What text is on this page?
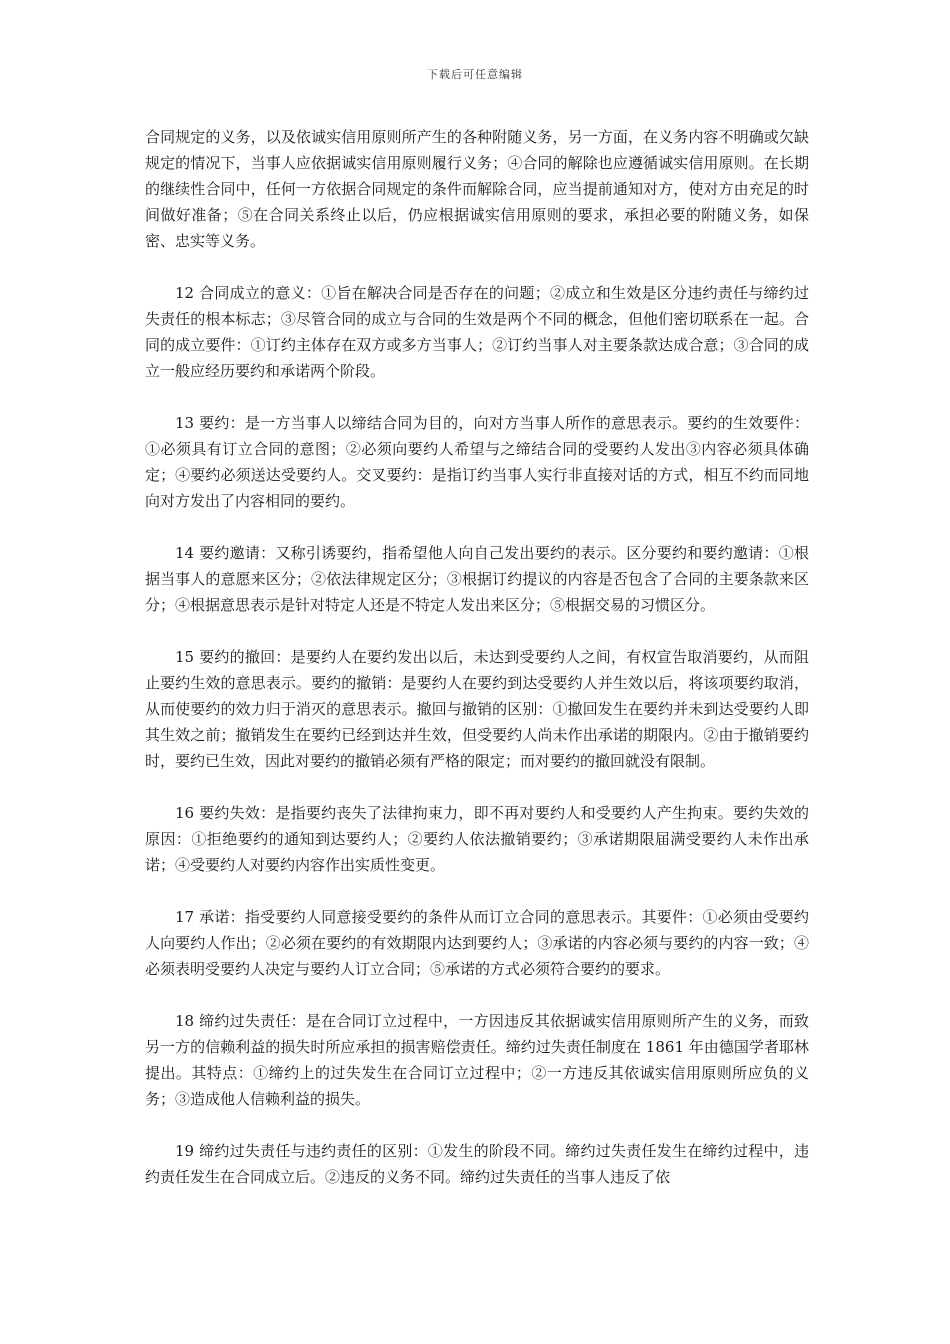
下载后可任意编辑

合同规定的义务，以及依诚实信用原则所产生的各种附随义务，另一方面，在义务内容不明确或欠缺规定的情况下，当事人应依据诚实信用原则履行义务；④合同的解除也应遵循诚实信用原则。在长期的继续性合同中，任何一方依据合同规定的条件而解除合同，应当提前通知对方，使对方由充足的时间做好准备；⑤在合同关系终止以后，仍应根据诚实信用原则的要求，承担必要的附随义务，如保密、忠实等义务。

12 合同成立的意义：①旨在解决合同是否存在的问题；②成立和生效是区分违约责任与缔约过失责任的根本标志；③尽管合同的成立与合同的生效是两个不同的概念，但他们密切联系在一起。合同的成立要件：①订约主体存在双方或多方当事人；②订约当事人对主要条款达成合意；③合同的成立一般应经历要约和承诺两个阶段。

13 要约：是一方当事人以缔结合同为目的，向对方当事人所作的意思表示。要约的生效要件：①必须具有订立合同的意图；②必须向要约人希望与之缔结合同的受要约人发出③内容必须具体确定；④要约必须送达受要约人。交叉要约：是指订约当事人实行非直接对话的方式，相互不约而同地向对方发出了内容相同的要约。

14 要约邀请：又称引诱要约，指希望他人向自己发出要约的表示。区分要约和要约邀请：①根据当事人的意愿来区分；②依法律规定区分；③根据订约提议的内容是否包含了合同的主要条款来区分；④根据意思表示是针对特定人还是不特定人发出来区分；⑤根据交易的习惯区分。

15 要约的撤回：是要约人在要约发出以后，未达到受要约人之间，有权宣告取消要约，从而阻止要约生效的意思表示。要约的撤销：是要约人在要约到达受要约人并生效以后，将该项要约取消，从而使要约的效力归于消灭的意思表示。撤回与撤销的区别：①撤回发生在要约并未到达受要约人即其生效之前；撤销发生在要约已经到达并生效，但受要约人尚未作出承诺的期限内。②由于撤销要约时，要约已生效，因此对要约的撤销必须有严格的限定；而对要约的撤回就没有限制。

16 要约失效：是指要约丧失了法律拘束力，即不再对要约人和受要约人产生拘束。要约失效的原因：①拒绝要约的通知到达要约人；②要约人依法撤销要约；③承诺期限届满受要约人未作出承诺；④受要约人对要约内容作出实质性变更。

17 承诺：指受要约人同意接受要约的条件从而订立合同的意思表示。其要件：①必须由受要约人向要约人作出；②必须在要约的有效期限内达到要约人；③承诺的内容必须与要约的内容一致；④必须表明受要约人决定与要约人订立合同；⑤承诺的方式必须符合要约的要求。

18 缔约过失责任：是在合同订立过程中，一方因违反其依据诚实信用原则所产生的义务，而致另一方的信赖利益的损失时所应承担的损害赔偿责任。缔约过失责任制度在 1861 年由德国学者耶林提出。其特点：①缔约上的过失发生在合同订立过程中；②一方违反其依诚实信用原则所应负的义务；③造成他人信赖利益的损失。

19 缔约过失责任与违约责任的区别：①发生的阶段不同。缔约过失责任发生在缔约过程中，违约责任发生在合同成立后。②违反的义务不同。缔约过失责任的当事人违反了依
